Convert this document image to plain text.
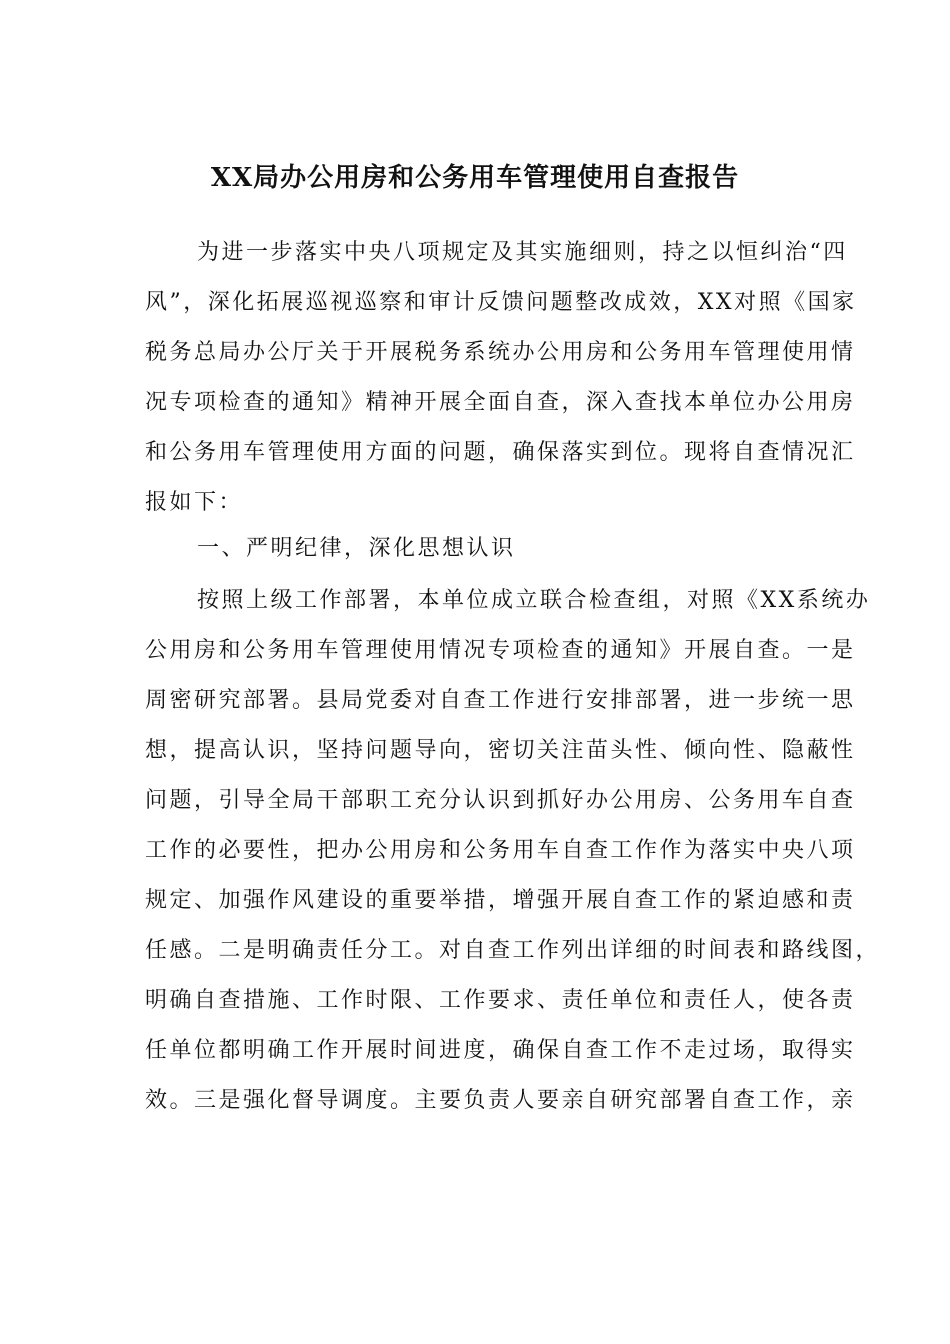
XX局办公用房和公务用车管理使用自查报告
为进一步落实中央八项规定及其实施细则，持之以恒纠治“四
风”，深化拓展巡视巡察和审计反馈问题整改成效，XX对照《国家
税务总局办公厅关于开展税务系统办公用房和公务用车管理使用情
况专项检查的通知》精神开展全面自查，深入查找本单位办公用房
和公务用车管理使用方面的问题，确保落实到位。现将自查情况汇
报如下：
一、严明纪律，深化思想认识
按照上级工作部署，本单位成立联合检查组，对照《XX系统办
公用房和公务用车管理使用情况专项检查的通知》开展自查。一是
周密研究部署。县局党委对自查工作进行安排部署，进一步统一思
想，提高认识，坚持问题导向，密切关注苗头性、倾向性、隐蔽性
问题，引导全局干部职工充分认识到抓好办公用房、公务用车自查
工作的必要性，把办公用房和公务用车自查工作作为落实中央八项
规定、加强作风建设的重要举措，增强开展自查工作的紧迫感和责
任感。二是明确责任分工。对自查工作列出详细的时间表和路线图，
明确自查措施、工作时限、工作要求、责任单位和责任人，使各责
任单位都明确工作开展时间进度，确保自查工作不走过场，取得实
效。三是强化督导调度。主要负责人要亲自研究部署自查工作，亲
